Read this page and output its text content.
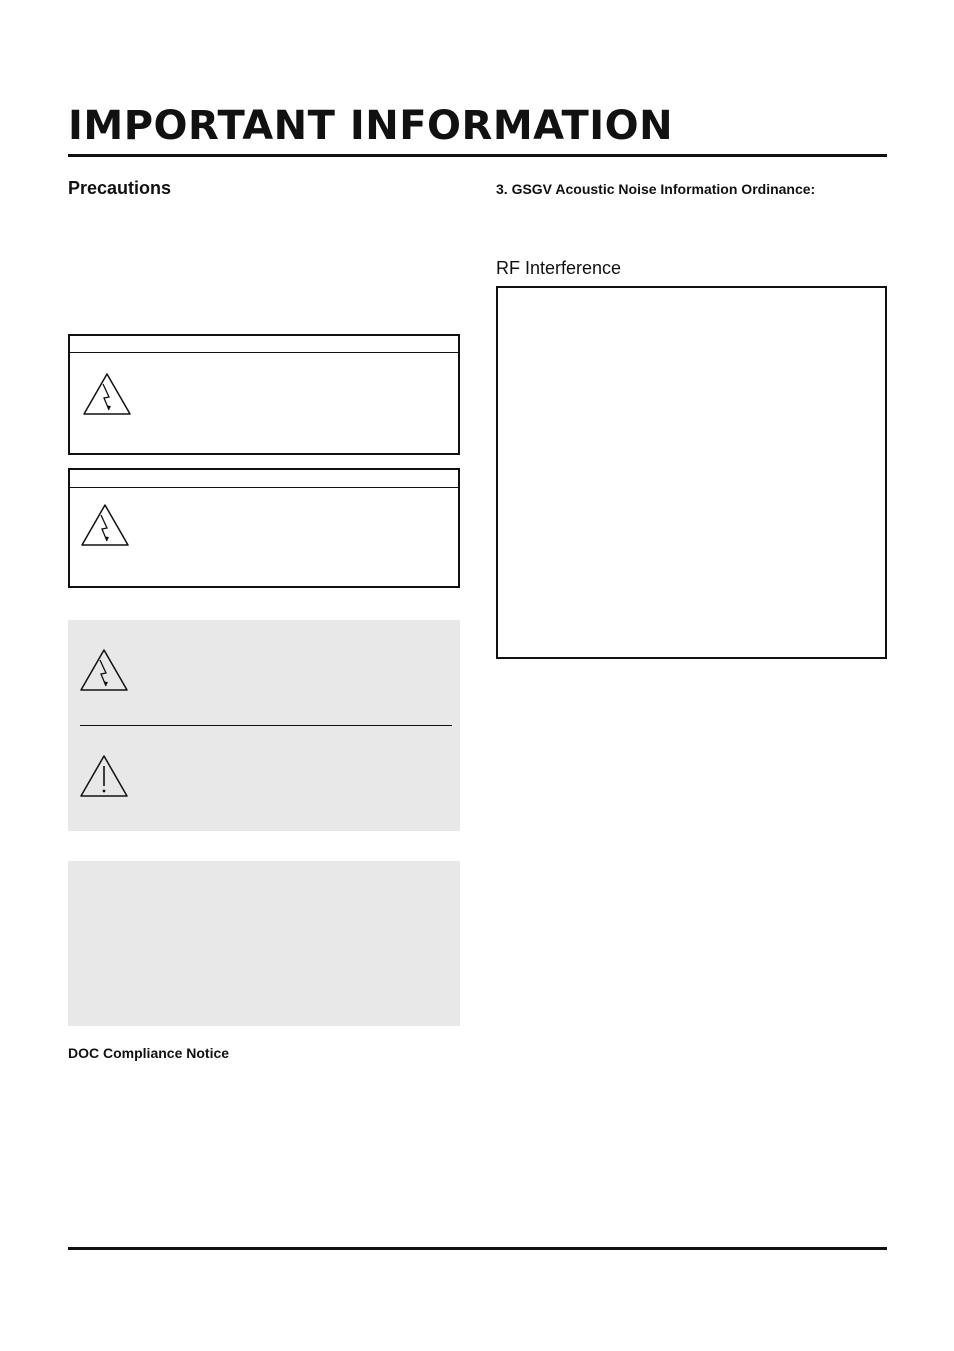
IMPORTANT INFORMATION
Precautions
DOC Compliance Notice
3. GSGV Acoustic Noise Information Ordinance:
RF Interference
